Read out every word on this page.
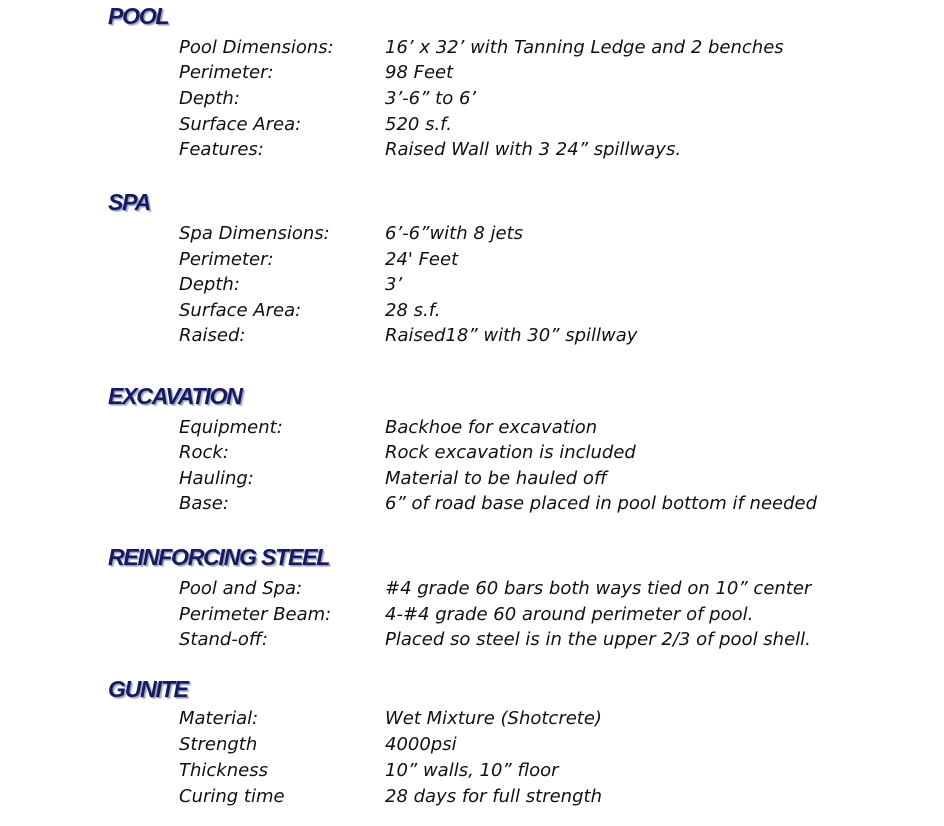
POOL
Pool Dimensions:	16’ x 32’ with Tanning Ledge and 2 benches
Perimeter:	98 Feet
Depth:	3’-6” to 6’
Surface Area:	520 s.f.
Features:	Raised Wall with 3 24” spillways.
SPA
Spa Dimensions:	6’-6”with 8 jets
Perimeter:	24' Feet
Depth:	3’
Surface Area:	28 s.f.
Raised:	Raised18” with 30” spillway
EXCAVATION
Equipment:	Backhoe for excavation
Rock:	Rock excavation is included
Hauling:	Material to be hauled off
Base:	6” of road base placed in pool bottom if needed
REINFORCING STEEL
Pool and Spa:	#4 grade 60 bars both ways tied on 10” center
Perimeter Beam:	4-#4 grade 60 around perimeter of pool.
Stand-off:	Placed so steel is in the upper 2/3 of pool shell.
GUNITE
Material:	Wet Mixture (Shotcrete)
Strength	4000psi
Thickness	10” walls, 10” floor
Curing time	28 days for full strength
